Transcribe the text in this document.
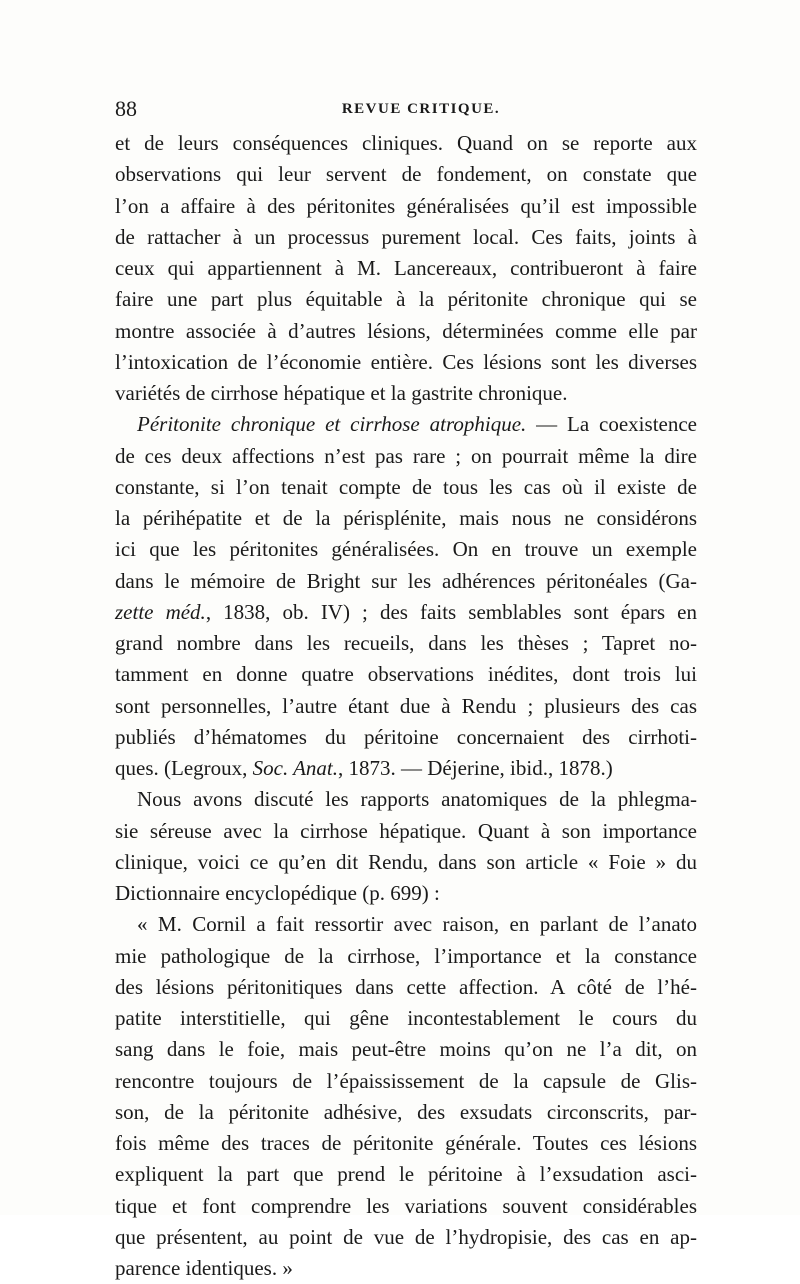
88	REVUE CRITIQUE.
et de leurs conséquences cliniques. Quand on se reporte aux
observations qui leur servent de fondement, on constate que
l’on a affaire à des péritonites généralisées qu’il est impossible
de rattacher à un processus purement local. Ces faits, joints à
ceux qui appartiennent à M. Lancereaux, contribueront à faire
faire une part plus équitable à la péritonite chronique qui se
montre associée à d’autres lésions, déterminées comme elle par
l’intoxication de l’économie entière. Ces lésions sont les diverses
variétés de cirrhose hépatique et la gastrite chronique.
Péritonite chronique et cirrhose atrophique. — La coexistence
de ces deux affections n’est pas rare ; on pourrait même la dire
constante, si l’on tenait compte de tous les cas où il existe de
la périhépatite et de la périsplénite, mais nous ne considérons
ici que les péritonites généralisées. On en trouve un exemple
dans le mémoire de Bright sur les adhérences péritonéales (Ga-
zette méd., 1838, ob. IV) ; des faits semblables sont épars en
grand nombre dans les recueils, dans les thèses ; Tapret no-
tamment en donne quatre observations inédites, dont trois lui
sont personnelles, l’autre étant due à Rendu ; plusieurs des cas
publiés d’hématomes du péritoine concernaient des cirrhoti-
ques. (Legroux, Soc. Anat., 1873. — Déjerine, ibid., 1878.)
Nous avons discuté les rapports anatomiques de la phlegma-
sie séreuse avec la cirrhose hépatique. Quant à son importance
clinique, voici ce qu’en dit Rendu, dans son article « Foie » du
Dictionnaire encyclopédique (p. 699) :
« M. Cornil a fait ressortir avec raison, en parlant de l’anato
mie pathologique de la cirrhose, l’importance et la constance
des lésions péritonitiques dans cette affection. A côté de l’hé-
patite interstitielle, qui gêne incontestablement le cours du
sang dans le foie, mais peut-être moins qu’on ne l’a dit, on
rencontre toujours de l’épaississement de la capsule de Glis-
son, de la péritonite adhésive, des exsudats circonscrits, par-
fois même des traces de péritonite générale. Toutes ces lésions
expliquent la part que prend le péritoine à l’exsudation asci-
tique et font comprendre les variations souvent considérables
que présentent, au point de vue de l’hydropisie, des cas en ap-
parence identiques. »
